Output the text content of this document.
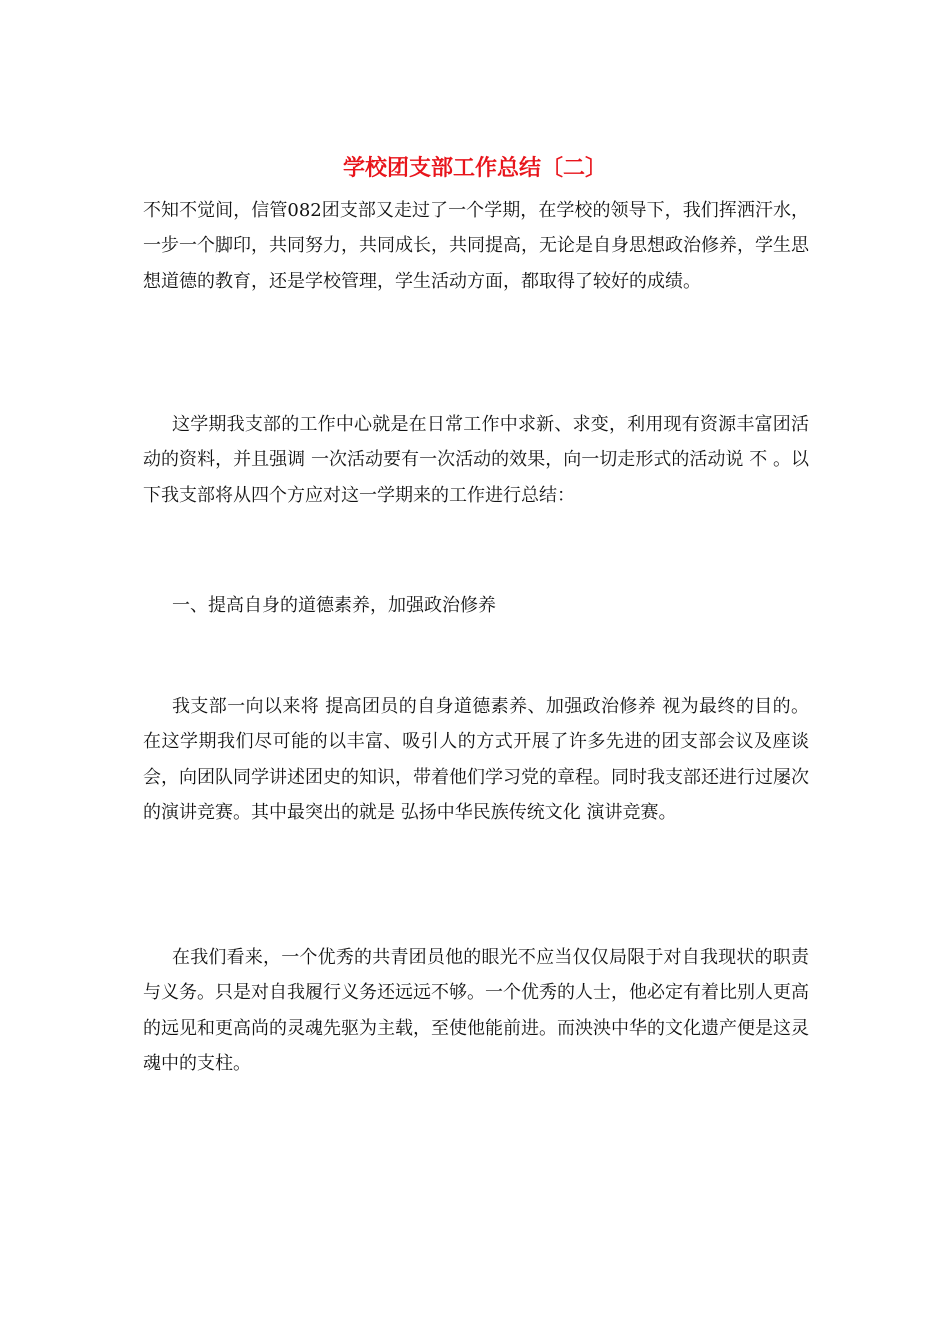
学校团支部工作总结〔二〕

不知不觉间，信管082团支部又走过了一个学期，在学校的领导下，我们挥洒汗水，一步一个脚印，共同努力，共同成长，共同提高，无论是自身思想政治修养，学生思想道德的教育，还是学校管理，学生活动方面，都取得了较好的成绩。

这学期我支部的工作中心就是在日常工作中求新、求变，利用现有资源丰富团活动的资料，并且强调 一次活动要有一次活动的效果，向一切走形式的活动说 不 。以下我支部将从四个方应对这一学期来的工作进行总结：

一、提高自身的道德素养，加强政治修养

我支部一向以来将 提高团员的自身道德素养、加强政治修养 视为最终的目的。在这学期我们尽可能的以丰富、吸引人的方式开展了许多先进的团支部会议及座谈会，向团队同学讲述团史的知识，带着他们学习党的章程。同时我支部还进行过屡次的演讲竞赛。其中最突出的就是 弘扬中华民族传统文化 演讲竞赛。

在我们看来，一个优秀的共青团员他的眼光不应当仅仅局限于对自我现状的职责与义务。只是对自我履行义务还远远不够。一个优秀的人士，他必定有着比别人更高的远见和更高尚的灵魂先驱为主载，至使他能前进。而泱泱中华的文化遗产便是这灵魂中的支柱。
